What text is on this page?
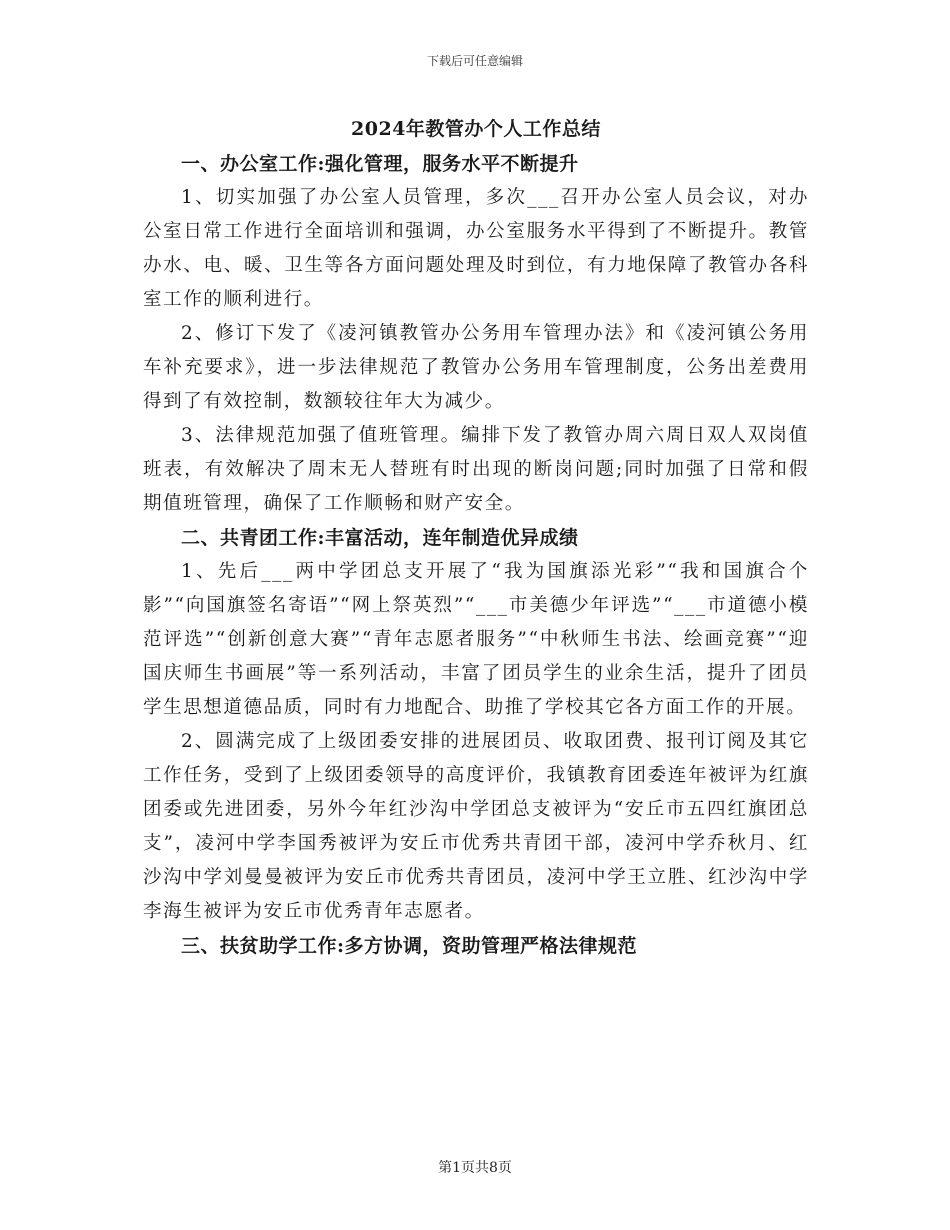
下载后可任意编辑
2024年教管办个人工作总结
一、办公室工作:强化管理，服务水平不断提升

1、切实加强了办公室人员管理，多次___召开办公室人员会议，对办公室日常工作进行全面培训和强调，办公室服务水平得到了不断提升。教管办水、电、暖、卫生等各方面问题处理及时到位，有力地保障了教管办各科室工作的顺利进行。

2、修订下发了《凌河镇教管办公务用车管理办法》和《凌河镇公务用车补充要求》，进一步法律规范了教管办公务用车管理制度，公务出差费用得到了有效控制，数额较往年大为减少。

3、法律规范加强了值班管理。编排下发了教管办周六周日双人双岗值班表，有效解决了周末无人替班有时出现的断岗问题;同时加强了日常和假期值班管理，确保了工作顺畅和财产安全。

二、共青团工作:丰富活动，连年制造优异成绩

1、先后___两中学团总支开展了“我为国旗添光彩”“我和国旗合个影”“向国旗签名寄语”“网上祭英烈”“___市美德少年评选”“___市道德小模范评选”“创新创意大赛”“青年志愿者服务”“中秋师生书法、绘画竞赛”“迎国庆师生书画展”等一系列活动，丰富了团员学生的业余生活，提升了团员学生思想道德品质，同时有力地配合、助推了学校其它各方面工作的开展。

2、圆满完成了上级团委安排的进展团员、收取团费、报刊订阅及其它工作任务，受到了上级团委领导的高度评价，我镇教育团委连年被评为红旗团委或先进团委，另外今年红沙沟中学团总支被评为“安丘市五四红旗团总支”，凌河中学李国秀被评为安丘市优秀共青团干部，凌河中学乔秋月、红沙沟中学刘曼曼被评为安丘市优秀共青团员，凌河中学王立胜、红沙沟中学李海生被评为安丘市优秀青年志愿者。

三、扶贫助学工作:多方协调，资助管理严格法律规范
第1页共8页
